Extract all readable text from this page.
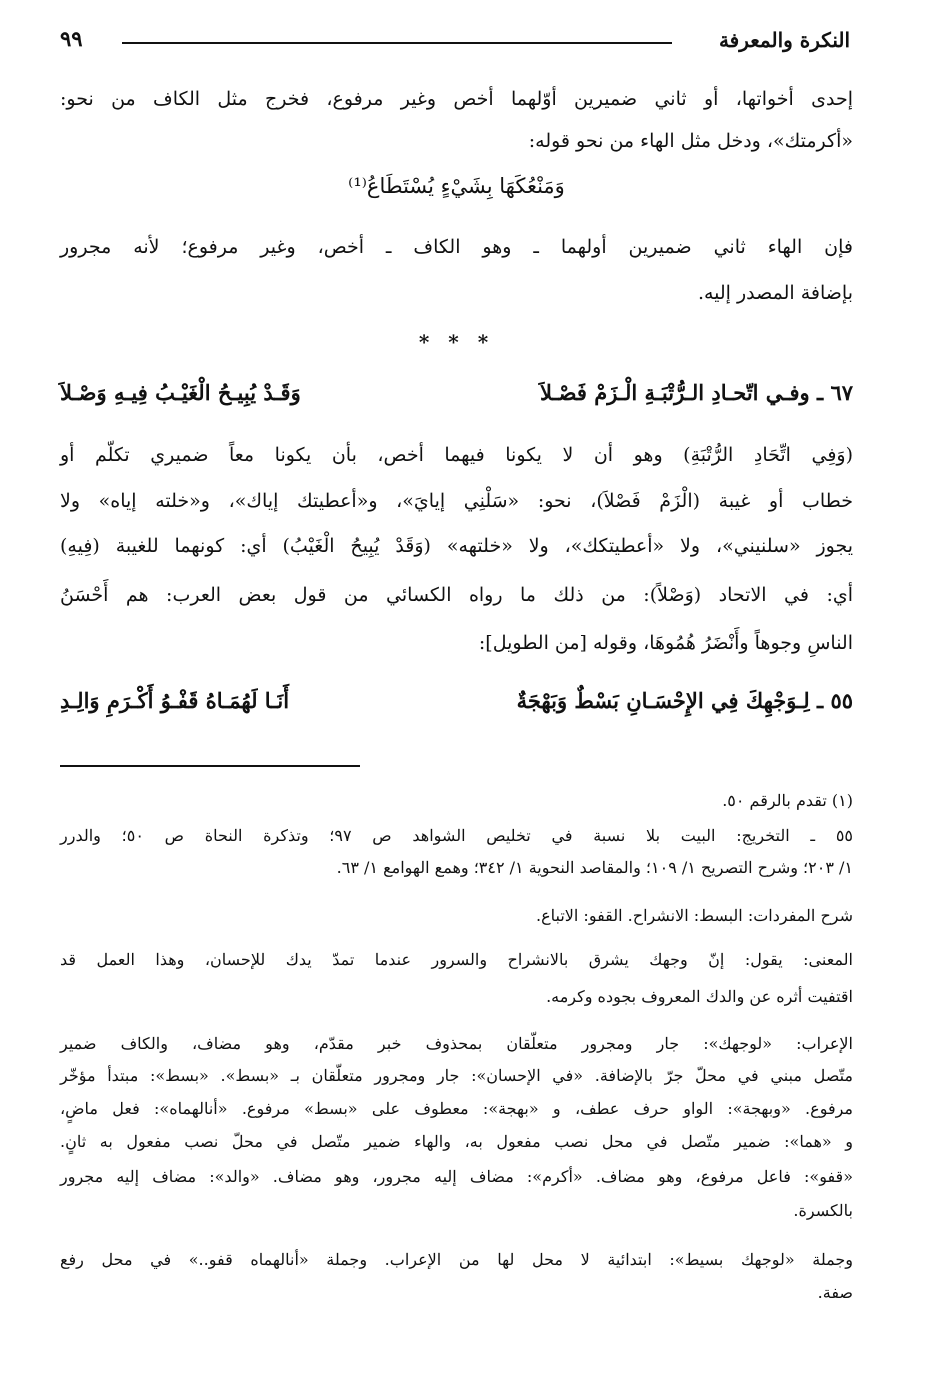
النكرة والمعرفة
٩٩
إحدى أخواتها، أو ثاني ضميرين أوّلهما أخص وغير مرفوع، فخرج مثل الكاف من نحو:
«أكرمتك»، ودخل مثل الهاء من نحو قوله:
وَمَنْعُكَهَا بِشَيْءٍ يُسْتَطَاعُ⁽¹⁾
فإن الهاء ثاني ضميرين أولهما ـ وهو الكاف ـ أخص، وغير مرفوع؛ لأنه مجرور
بإضافة المصدر إليه.
* * *
٦٧ ـ وفـي اتّحـادِ الـرُّتْبَـةِ الْـزَمْ فَصْـلاَ
وَقَـدْ يُبِيـحُ الْغَيْـبُ فِيـهِ وَصْـلاَ
(وَفِي اتِّحَادِ الرُّتْبَةِ) وهو أن لا يكونا فيهما أخص، بأن يكونا معاً ضميري تكلّم أو
خطاب أو غيبة (الْزَمْ فَصْلاَ)، نحو: «سَلْنِي إيايَ»، و«أعطيتك إياك»، و«خلته إياه» ولا
يجوز «سلنيني»، ولا «أعطيتكك»، ولا «خلتهه» (وَقَدْ يُبِيحُ الْغَيْبُ) أي: كونهما للغيبة (فِيهِ)
أي: في الاتحاد (وَصْلاً): من ذلك ما رواه الكسائي من قول بعض العرب: هم أَحْسَنُ
الناسِ وجوهاً وأَنْضَرُ هُمُوهَا، وقوله [من الطويل]:
٥٥ ـ لِـوَجْهِكَ فِي الإِحْسَـانِ بَسْطٌ وَبَهْجَةٌ
أَنَـا لَهُمَـاهُ قَفْـوُ أَكْـرَمِ وَالِـدِ
(١) تقدم بالرقم ٥٠.
٥٥ ـ التخريج: البيت بلا نسبة في تخليص الشواهد ص ٩٧؛ وتذكرة النحاة ص ٥٠؛ والدرر
١/ ٢٠٣؛ وشرح التصريح ١/ ١٠٩؛ والمقاصد النحوية ١/ ٣٤٢؛ وهمع الهوامع ١/ ٦٣.
شرح المفردات: البسط: الانشراح. القفو: الاتباع.
المعنى: يقول: إنّ وجهك يشرق بالانشراح والسرور عندما تمدّ يدك للإحسان، وهذا العمل قد
اقتفيت أثره عن والدك المعروف بجوده وكرمه.
الإعراب: «لوجهك»: جار ومجرور متعلّقان بمحذوف خبر مقدّم، وهو مضاف، والكاف ضمير
متّصل مبني في محلّ جرّ بالإضافة. «في الإحسان»: جار ومجرور متعلّقان بـ «بسط». «بسط»: مبتدأ مؤخّر
مرفوع. «وبهجة»: الواو حرف عطف، و «بهجة»: معطوف على «بسط» مرفوع. «أنالهماه»: فعل ماضٍ،
و «هما»: ضمير متّصل في محل نصب مفعول به، والهاء ضمير متّصل في محلّ نصب مفعول به ثانٍ.
«قفو»: فاعل مرفوع، وهو مضاف. «أكرم»: مضاف إليه مجرور، وهو مضاف. «والد»: مضاف إليه مجرور
بالكسرة.
وجملة «لوجهك بسيط»: ابتدائية لا محل لها من الإعراب. وجملة «أنالهماه قفو..» في محل رفع
صفة.
